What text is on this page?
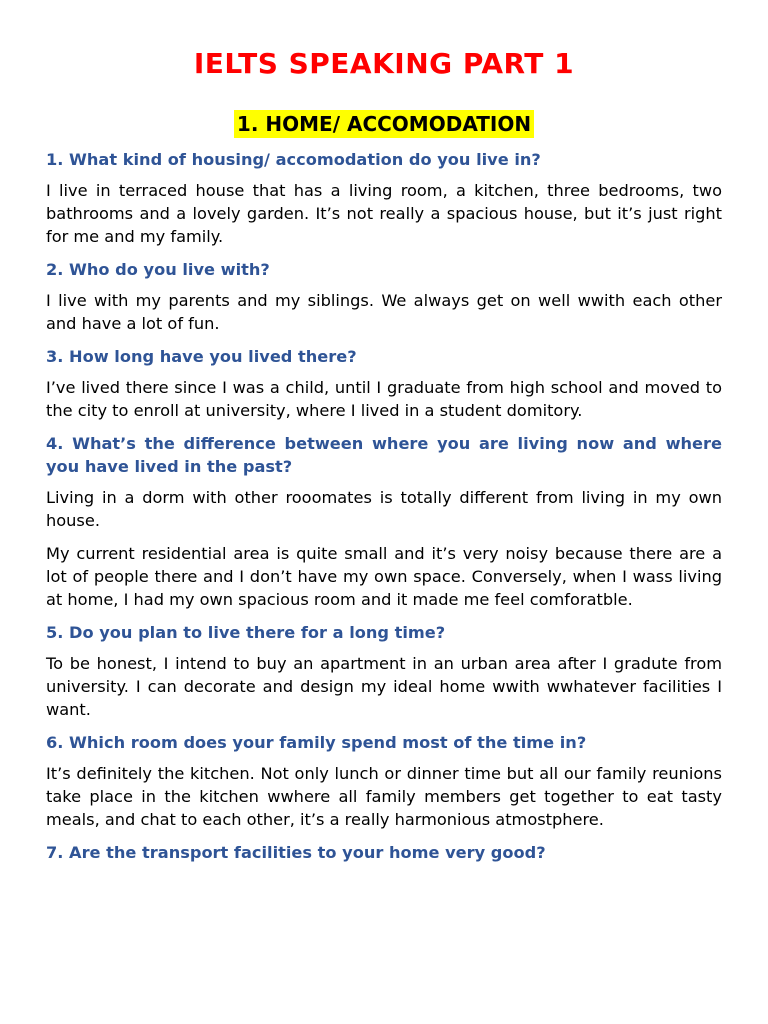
IELTS SPEAKING PART 1
1. HOME/ ACCOMODATION

1. What kind of housing/ accomodation do you live in?

I live in terraced house that has a living room, a kitchen, three bedrooms, two bathrooms and a lovely garden. It’s not really a spacious house, but it’s just right for me and my family.

2. Who do you live with?

I live with my parents and my siblings. We always get on well wwith each other and have a lot of fun.

3. How long have you lived there?

I’ve lived there since I was a child, until I graduate from high school and moved to the city to enroll at university, where I lived in a student domitory.

4. What’s the difference between where you are living now and where you have lived in the past?

Living in a dorm with other rooomates is totally different from living in my own house.

My current residential area is quite small and it’s very noisy because there are a lot of people there and I don’t have my own space. Conversely, when I wass living at home, I had my own spacious room and it made me feel comforatble.

5. Do you plan to live there for a long time?

To be honest, I intend to buy an apartment in an urban area after I gradute from university. I can decorate and design my ideal home wwith wwhatever facilities I want.

6. Which room does your family spend most of the time in?

It’s definitely the kitchen. Not only lunch or dinner time but all our family reunions take place in the kitchen wwhere all family members get together to eat tasty meals, and chat to each other, it’s a really harmonious atmostphere.

7. Are the transport facilities to your home very good?
